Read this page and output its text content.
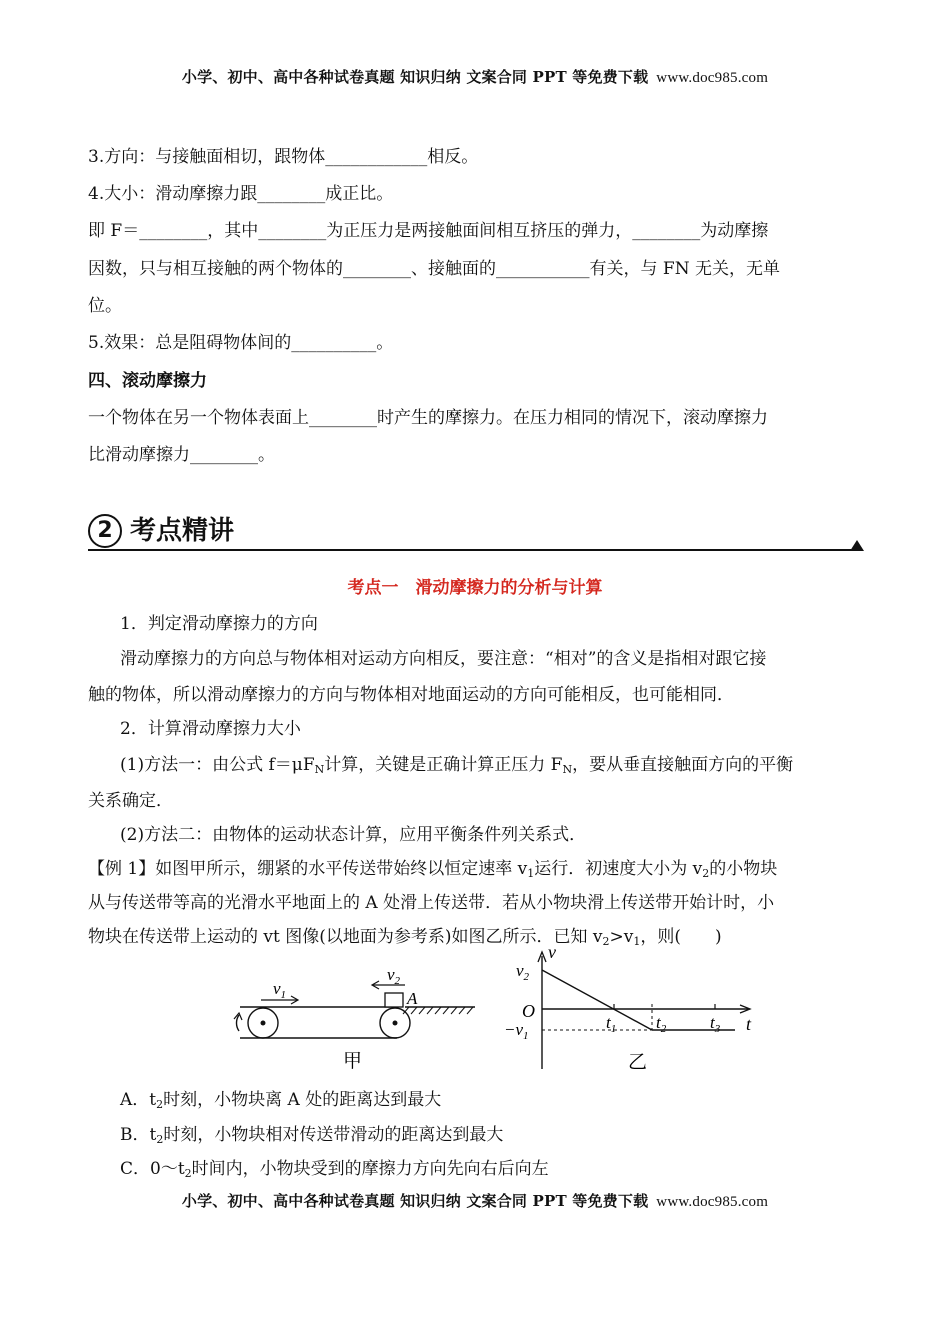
小学、初中、高中各种试卷真题 知识归纳 文案合同 PPT 等免费下载 www.doc985.com
3.方向：与接触面相切，跟物体____________相反。
4.大小：滑动摩擦力跟________成正比。
即 F＝________，其中________为正压力是两接触面间相互挤压的弹力，________为动摩擦
因数，只与相互接触的两个物体的________、接触面的___________有关，与 FN 无关，无单
位。
5.效果：总是阻碍物体间的__________。
四、滚动摩擦力
一个物体在另一个物体表面上________时产生的摩擦力。在压力相同的情况下，滚动摩擦力
比滑动摩擦力________。
2 考点精讲
考点一　滑动摩擦力的分析与计算
1．判定滑动摩擦力的方向
滑动摩擦力的方向总与物体相对运动方向相反，要注意：“相对”的含义是指相对跟它接
触的物体，所以滑动摩擦力的方向与物体相对地面运动的方向可能相反，也可能相同．
2．计算滑动摩擦力大小
(1)方法一：由公式 $f=\mu F_N$计算，关键是正确计算正压力 $F_N$，要从垂直接触面方向的平衡
关系确定．
(2)方法二：由物体的运动状态计算，应用平衡条件列关系式．
【例 1】如图甲所示，绷紧的水平传送带始终以恒定速率 $v_1$运行．初速度大小为 $v_2$的小物块
从与传送带等高的光滑水平地面上的 A 处滑上传送带．若从小物块滑上传送带开始计时，小
物块在传送带上运动的 vt 图像(以地面为参考系)如图乙所示．已知 $v_2>v_1$，则(　　)
A
$v_1$
$v_2$
甲
v
t
O
$v_2$
$-v_1$
$t_1$ $t_2$	$t_3$
乙
A．$t_2$时刻，小物块离 A 处的距离达到最大
B．$t_2$时刻，小物块相对传送带滑动的距离达到最大
C．$0\sim t_2$时间内，小物块受到的摩擦力方向先向右后向左
小学、初中、高中各种试卷真题 知识归纳 文案合同 PPT 等免费下载 www.doc985.com
